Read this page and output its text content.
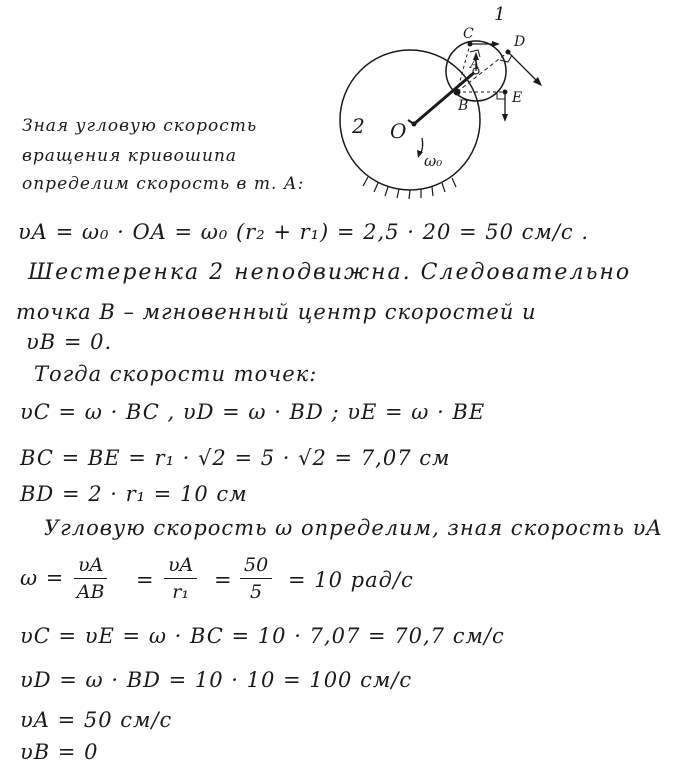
1
2 O
A
B
C	D
E
ω₀
Зная угловую скорость
вращения кривошипа
определим скорость в т. А:
υA = ω₀ · OA = ω₀ (r₂ + r₁) = 2,5 · 20 = 50 см/с .
Шестеренка 2 неподвижна. Следовательно
точка B – мгновенный центр скоростей и
υB = 0.
Тогда скорости точек:
υC = ω · BC , υD = ω · BD ; υE = ω · BE
BC = BE = r₁ · √2 = 5 · √2 = 7,07 см
BD = 2 · r₁ = 10 см
Угловую скорость ω определим, зная скорость υA
$\omega = \frac{\upsilon A}{AB} = \frac{\upsilon A}{\text{r₁}} = \frac{50}{5} = 10$ рад/с
υC = υE = ω · BC = 10 · 7,07 = 70,7 см/с
υD = ω · BD = 10 · 10 = 100 см/с
υA = 50 см/с
υB = 0
